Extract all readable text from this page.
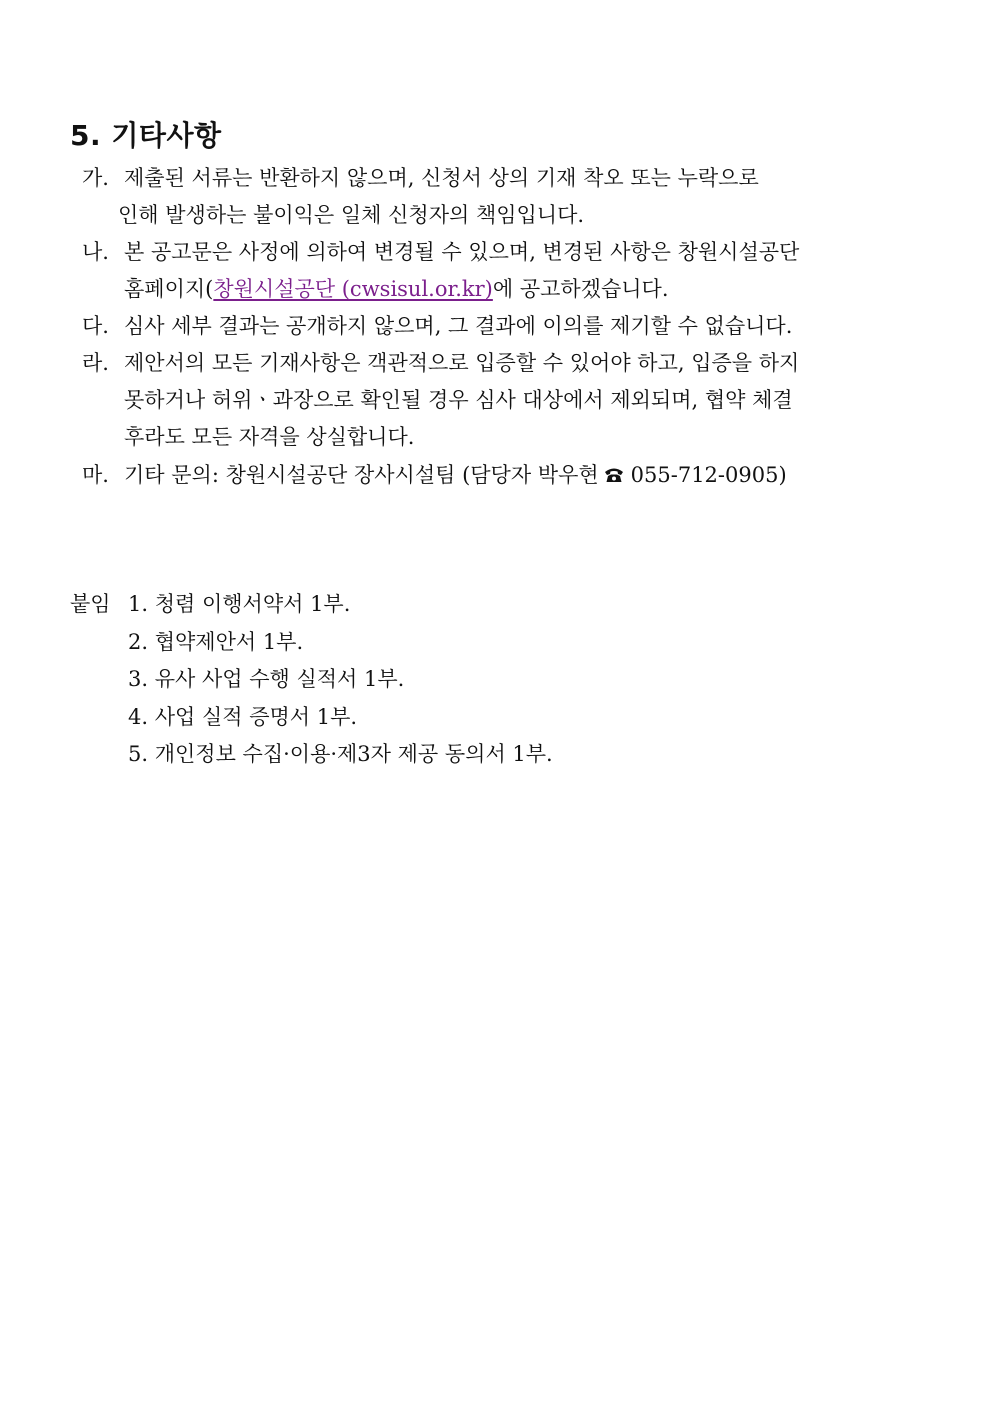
5. 기타사항
가. 제출된 서류는 반환하지 않으며, 신청서 상의 기재 착오 또는 누락으로
인해 발생하는 불이익은 일체 신청자의 책임입니다.
나. 본 공고문은 사정에 의하여 변경될 수 있으며, 변경된 사항은 창원시설공단
홈페이지(창원시설공단 (cwsisul.or.kr)에 공고하겠습니다.
다. 심사 세부 결과는 공개하지 않으며, 그 결과에 이의를 제기할 수 없습니다.
라. 제안서의 모든 기재사항은 객관적으로 입증할 수 있어야 하고, 입증을 하지
못하거나 허위ㆍ과장으로 확인될 경우 심사 대상에서 제외되며, 협약 체결
후라도 모든 자격을 상실합니다.
마. 기타 문의: 창원시설공단 장사시설팀 (담당자 박우현 055-712-0905)
붙임 1. 청렴 이행서약서 1부.
2. 협약제안서 1부.
3. 유사 사업 수행 실적서 1부.
4. 사업 실적 증명서 1부.
5. 개인정보 수집·이용·제3자 제공 동의서 1부.
